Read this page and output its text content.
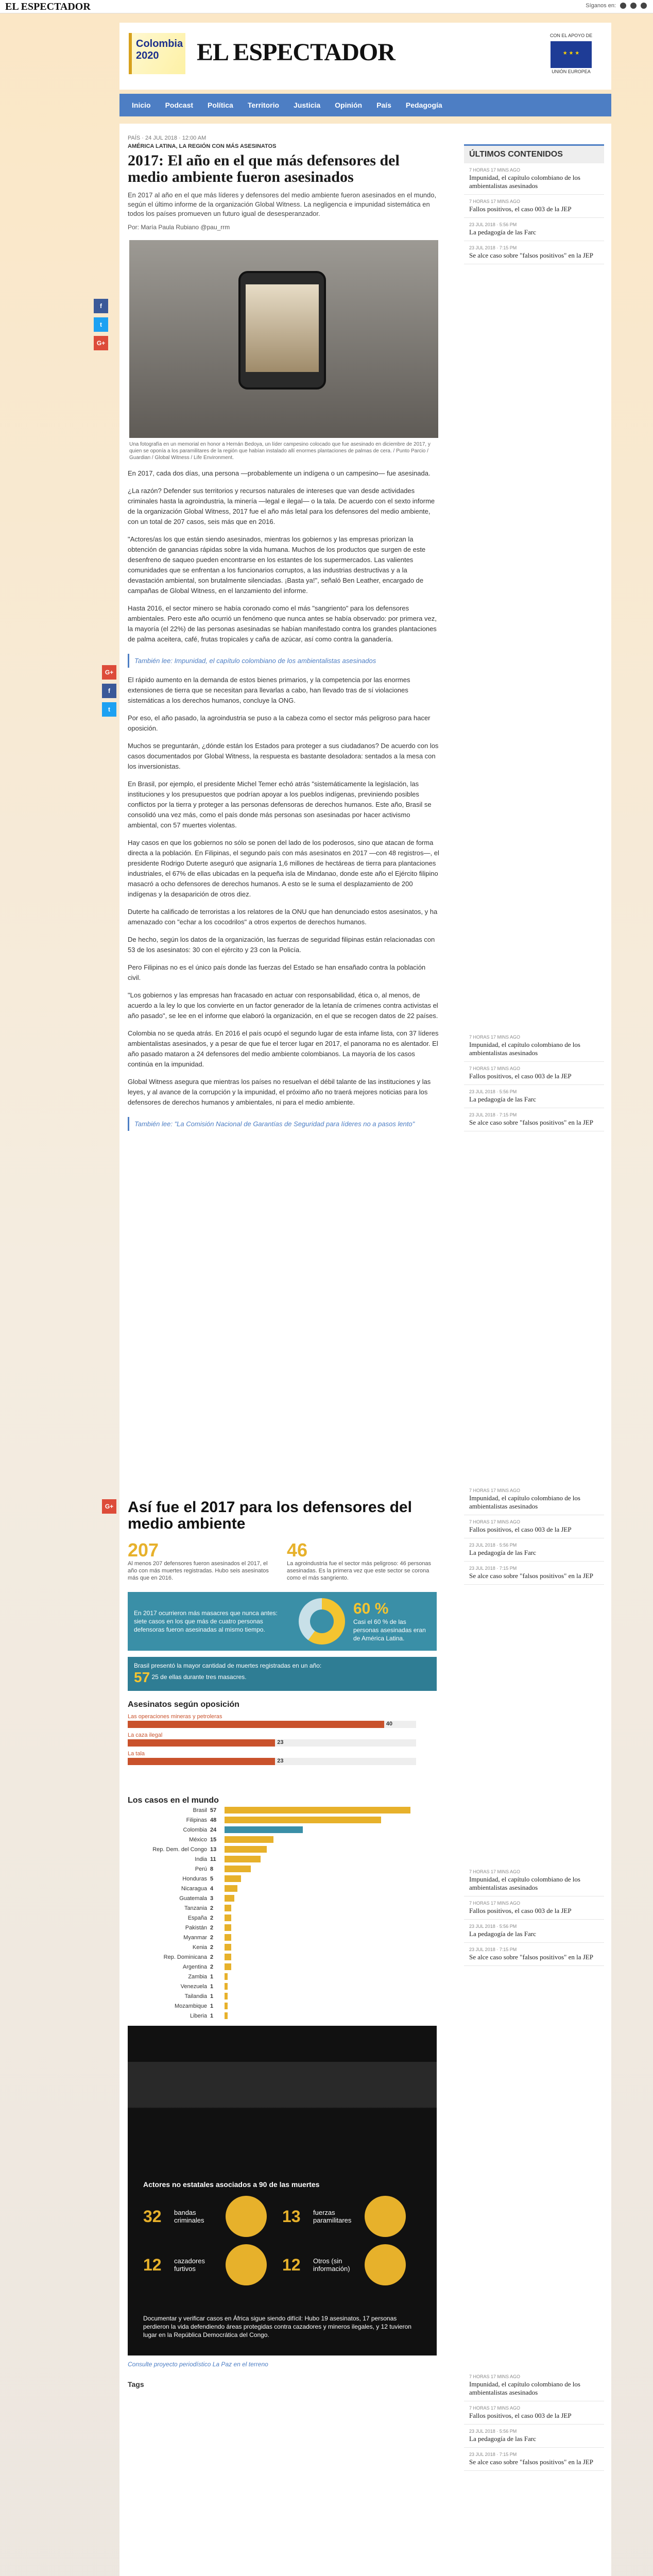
EL ESPECTADOR	Síganos en:
Colombia 2020	EL ESPECTADOR
CON EL APOYO DE
★ ★ ★
UNIÓN EUROPEA
Inicio	Podcast	Política	Territorio	Justicia	Opinión	País	Pedagogía
PAÍS · 24 JUL 2018 · 12:00 AM
AMÉRICA LATINA, LA REGIÓN CON MÁS ASESINATOS
2017: El año en el que más defensores del medio ambiente fueron asesinados
En 2017 al año en el que más líderes y defensores del medio ambiente fueron asesinados en el mundo, según el último informe de la organización Global Witness. La negligencia e impunidad sistemática en todos los países promueven un futuro igual de desesperanzador.
Por: María Paula Rubiano @pau_rrm
f
t
G+
Una fotografía en un memorial en honor a Hernán Bedoya, un líder campesino colocado que fue asesinado en diciembre de 2017, y quien se oponía a los paramilitares de la región que habían instalado allí enormes plantaciones de palmas de cera. / Punto Parcio / Guardian / Global Witness / Life Environment.

En 2017, cada dos días, una persona —probablemente un indígena o un campesino— fue asesinada.

¿La razón? Defender sus territorios y recursos naturales de intereses que van desde actividades criminales hasta la agroindustria, la minería —legal e ilegal— o la tala. De acuerdo con el sexto informe de la organización Global Witness, 2017 fue el año más letal para los defensores del medio ambiente, con un total de 207 casos, seis más que en 2016.

"Actores/as los que están siendo asesinados, mientras los gobiernos y las empresas priorizan la obtención de ganancias rápidas sobre la vida humana. Muchos de los productos que surgen de este desenfreno de saqueo pueden encontrarse en los estantes de los supermercados. Las valientes comunidades que se enfrentan a los funcionarios corruptos, a las industrias destructivas y a la devastación ambiental, son brutalmente silenciadas. ¡Basta ya!", señaló Ben Leather, encargado de campañas de Global Witness, en el lanzamiento del informe.

Hasta 2016, el sector minero se había coronado como el más "sangriento" para los defensores ambientales. Pero este año ocurrió un fenómeno que nunca antes se había observado: por primera vez, la mayoría (el 22%) de las personas asesinadas se habían manifestado contra los grandes plantaciones de palma aceitera, café, frutas tropicales y caña de azúcar, así como contra la ganadería.

G+
f
t
También lee: Impunidad, el capítulo colombiano de los ambientalistas asesinados

El rápido aumento en la demanda de estos bienes primarios, y la competencia por las enormes extensiones de tierra que se necesitan para llevarlas a cabo, han llevado tras de sí violaciones sistemáticas a los derechos humanos, concluye la ONG.

Por eso, el año pasado, la agroindustria se puso a la cabeza como el sector más peligroso para hacer oposición.

Muchos se preguntarán, ¿dónde están los Estados para proteger a sus ciudadanos? De acuerdo con los casos documentados por Global Witness, la respuesta es bastante desoladora: sentados a la mesa con los inversionistas.

En Brasil, por ejemplo, el presidente Michel Temer echó atrás "sistemáticamente la legislación, las instituciones y los presupuestos que podrían apoyar a los pueblos indígenas, previniendo posibles conflictos por la tierra y proteger a las personas defensoras de derechos humanos. Este año, Brasil se consolidó una vez más, como el país donde más personas son asesinadas por hacer activismo ambiental, con 57 muertes violentas.

Hay casos en que los gobiernos no sólo se ponen del lado de los poderosos, sino que atacan de forma directa a la población. En Filipinas, el segundo país con más asesinatos en 2017 —con 48 registros—, el presidente Rodrigo Duterte aseguró que asignaría 1,6 millones de hectáreas de tierra para plantaciones industriales, el 67% de ellas ubicadas en la pequeña isla de Mindanao, donde este año el Ejército filipino masacró a ocho defensores de derechos humanos. A esto se le suma el desplazamiento de 200 indígenas y la desaparición de otros diez.

Duterte ha calificado de terroristas a los relatores de la ONU que han denunciado estos asesinatos, y ha amenazado con "echar a los cocodrilos" a otros expertos de derechos humanos.

De hecho, según los datos de la organización, las fuerzas de seguridad filipinas están relacionadas con 53 de los asesinatos: 30 con el ejército y 23 con la Policía.

Pero Filipinas no es el único país donde las fuerzas del Estado se han ensañado contra la población civil.

"Los gobiernos y las empresas han fracasado en actuar con responsabilidad, ética o, al menos, de acuerdo a la ley lo que los convierte en un factor generador de la letanía de crímenes contra activistas el año pasado", se lee en el informe que elaboró la organización, en el que se recogen datos de 22 países.

Colombia no se queda atrás. En 2016 el país ocupó el segundo lugar de esta infame lista, con 37 líderes ambientalistas asesinados, y a pesar de que fue el tercer lugar en 2017, el panorama no es alentador. El año pasado mataron a 24 defensores del medio ambiente colombianos. La mayoría de los casos continúa en la impunidad.

Global Witness asegura que mientras los países no resuelvan el débil talante de las instituciones y las leyes, y al avance de la corrupción y la impunidad, el próximo año no traerá mejores noticias para los defensores de derechos humanos y ambientales, ni para el medio ambiente.

También lee: "La Comisión Nacional de Garantías de Seguridad para líderes no a pasos lento"
ÚLTIMOS CONTENIDOS
7 HORAS 17 MINS AGO
Impunidad, el capítulo colombiano de los ambientalistas asesinados
7 HORAS 17 MINS AGO
Fallos positivos, el caso 003 de la JEP
23 JUL 2018 · 5:56 PM
La pedagogía de las Farc
23 JUL 2018 · 7:15 PM
Se alce caso sobre "falsos positivos" en la JEP
7 HORAS 17 MINS AGO
Impunidad, el capítulo colombiano de los ambientalistas asesinados
7 HORAS 17 MINS AGO
Fallos positivos, el caso 003 de la JEP
23 JUL 2018 · 5:56 PM
La pedagogía de las Farc
23 JUL 2018 · 7:15 PM
Se alce caso sobre "falsos positivos" en la JEP
7 HORAS 17 MINS AGO
Impunidad, el capítulo colombiano de los ambientalistas asesinados
7 HORAS 17 MINS AGO
Fallos positivos, el caso 003 de la JEP
23 JUL 2018 · 5:56 PM
La pedagogía de las Farc
23 JUL 2018 · 7:15 PM
Se alce caso sobre "falsos positivos" en la JEP
7 HORAS 17 MINS AGO
Impunidad, el capítulo colombiano de los ambientalistas asesinados
7 HORAS 17 MINS AGO
Fallos positivos, el caso 003 de la JEP
23 JUL 2018 · 5:56 PM
La pedagogía de las Farc
23 JUL 2018 · 7:15 PM
Se alce caso sobre "falsos positivos" en la JEP
7 HORAS 17 MINS AGO
Impunidad, el capítulo colombiano de los ambientalistas asesinados
7 HORAS 17 MINS AGO
Fallos positivos, el caso 003 de la JEP
23 JUL 2018 · 5:56 PM
La pedagogía de las Farc
23 JUL 2018 · 7:15 PM
Se alce caso sobre "falsos positivos" en la JEP
G+ Así fue el 2017 para los defensores del medio ambiente
207
Al menos 207 defensores fueron asesinados el 2017, el año con más muertes registradas. Hubo seis asesinatos más que en 2016.
46
La agroindustria fue el sector más peligroso: 46 personas asesinadas. Es la primera vez que este sector se corona como el más sangriento.
En 2017 ocurrieron más masacres que nunca antes: siete casos en los que más de cuatro personas defensoras fueron asesinadas al mismo tiempo.
60 %
Casi el 60 % de las personas asesinadas eran de América Latina.
Brasil presentó la mayor cantidad de muertes registradas en un año:
57 25 de ellas durante tres masacres.
Asesinatos según oposición
Las operaciones mineras y petroleras
40
La caza ilegal
23
La tala
23
Los casos en el mundo
Brasil 57
Filipinas 48
Colombia 24
México 15
Rep. Dem. del Congo 13
India 11
Perú 8
Honduras 5
Nicaragua 4
Guatemala 3
Tanzania 2
España 2
Pakistán 2
Myanmar 2
Kenia 2
Rep. Dominicana 2
Argentina 2
Zambia 1
Venezuela 1
Tailandia 1
Mozambique 1
Liberia 1
Actores no estatales asociados a 90 de las muertes
32	bandas criminales	13	fuerzas paramilitares
12	cazadores furtivos	12	Otros (sin información)
Documentar y verificar casos en África sigue siendo difícil: Hubo 19 asesinatos, 17 personas perdieron la vida defendiendo áreas protegidas contra cazadores y mineros ilegales, y 12 tuvieron lugar en la República Democrática del Congo.
Consulte proyecto periodístico La Paz en el terreno
Tags
